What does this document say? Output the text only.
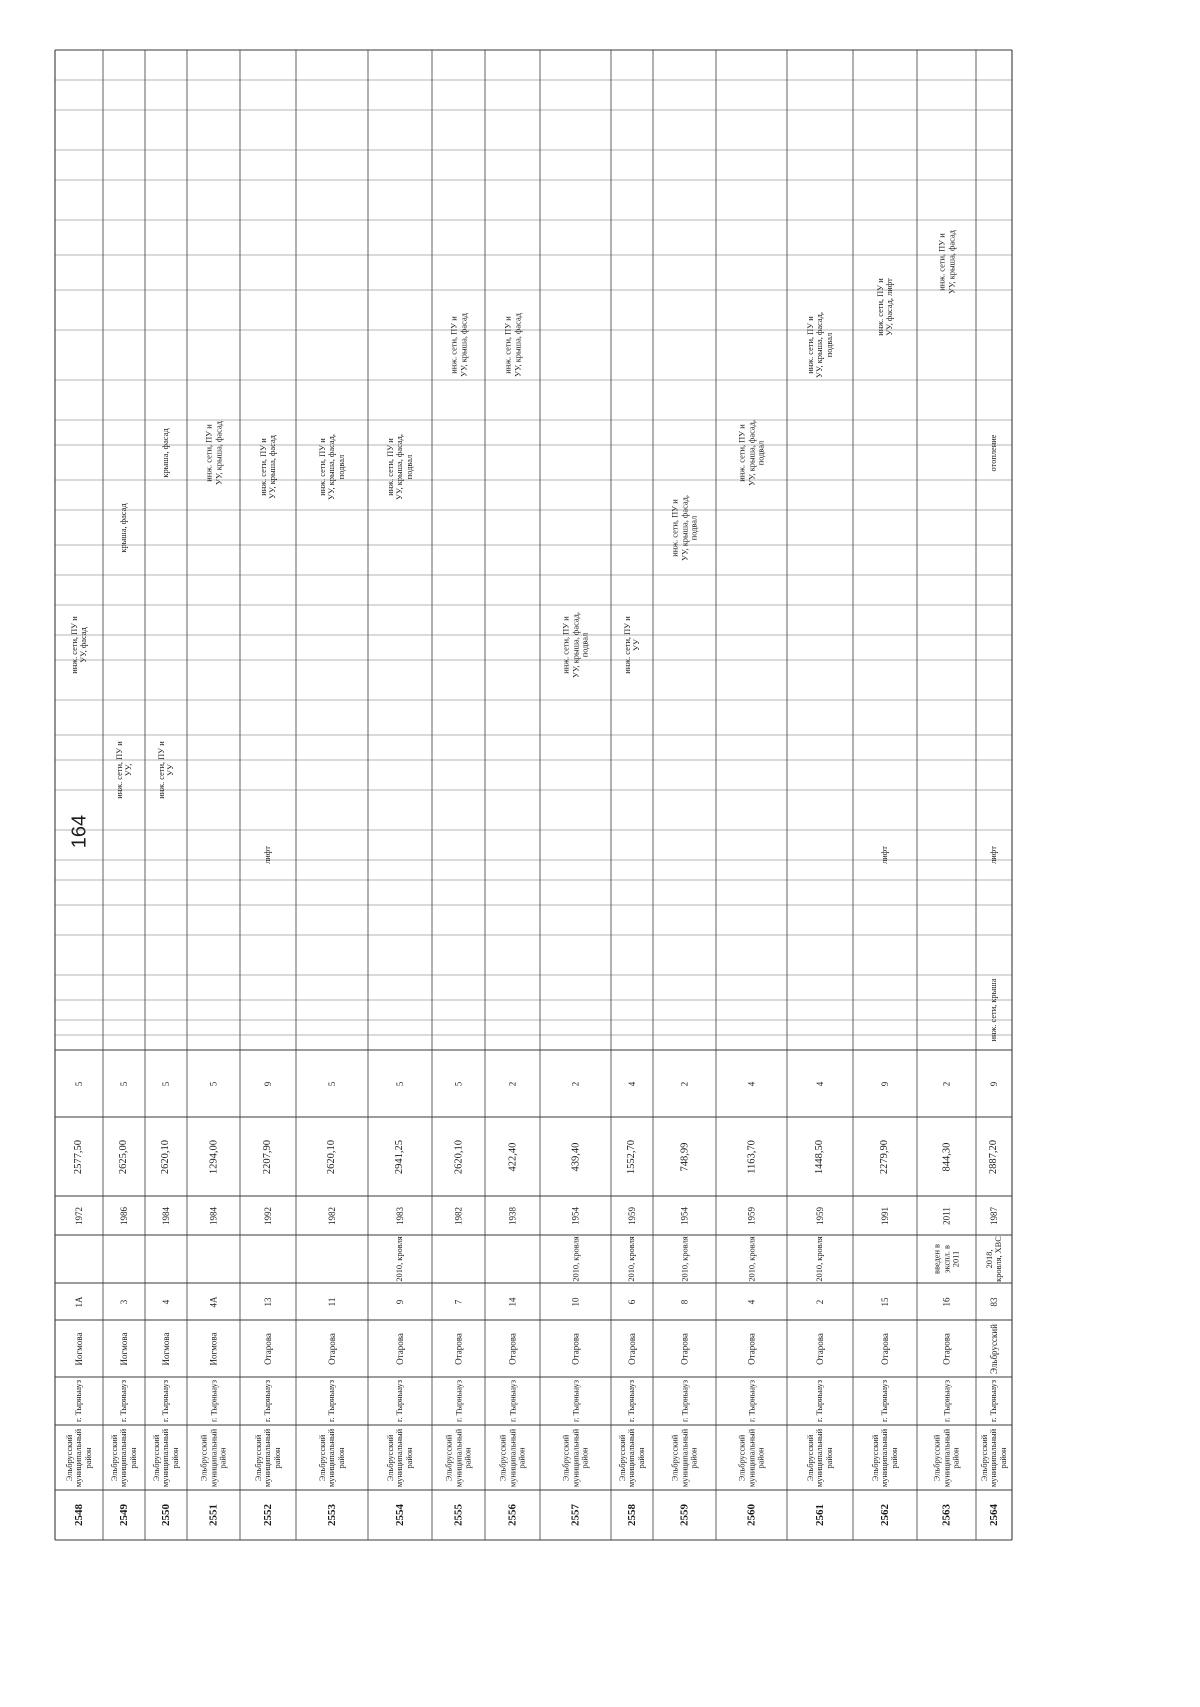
164
2548
Эльбрусский муниципальный район
г. Тырныауз
Иогмова
1А
1972
2577,50
5
инж. сети, ПУ и УУ, фасад
2549
Эльбрусский муниципальный район
г. Тырныауз
Иогмова
3
1986
2625,00
5
инж. сети, ПУ и УУ,
крыша, фасад
2550
Эльбрусский муниципальный район
г. Тырныауз
Иогмова
4
1984
2620,10
5
инж. сети, ПУ и УУ
крыша, фасад
2551
Эльбрусский муниципальный район
г. Тырныауз
Иогмова
4А
1984
1294,00
5
инж. сети, ПУ и УУ, крыша, фасад
2552
Эльбрусский муниципальный район
г. Тырныауз
Отарова
13
1992
2207,90
9
лифт
инж. сети, ПУ и УУ, крыша, фасад
2553
Эльбрусский муниципальный район
г. Тырныауз
Отарова
11
1982
2620,10
5
инж. сети, ПУ и УУ, крыша, фасад, подвал
2554
Эльбрусский муниципальный район
г. Тырныауз
Отарова
9
2010, кровля
1983
2941,25
5
инж. сети, ПУ и УУ, крыша, фасад, подвал
2555
Эльбрусский муниципальный район
г. Тырныауз
Отарова
7
1982
2620,10
5
инж. сети, ПУ и УУ, крыша, фасад
2556
Эльбрусский муниципальный район
г. Тырныауз
Отарова
14
1938
422,40
2
инж. сети, ПУ и УУ, крыша, фасад
2557
Эльбрусский муниципальный район
г. Тырныауз
Отарова
10
2010, кровля
1954
439,40
2
инж. сети, ПУ и УУ, крыша, фасад, подвал
2558
Эльбрусский муниципальный район
г. Тырныауз
Отарова
6
2010, кровля
1959
1552,70
4
инж. сети, ПУ и УУ
2559
Эльбрусский муниципальный район
г. Тырныауз
Отарова
8
2010, кровля
1954
748,99
2
инж. сети, ПУ и УУ, крыша, фасад, подвал
2560
Эльбрусский муниципальный район
г. Тырныауз
Отарова
4
2010, кровля
1959
1163,70
4
инж. сети, ПУ и УУ, крыша, фасад, подвал
2561
Эльбрусский муниципальный район
г. Тырныауз
Отарова
2
2010, кровля
1959
1448,50
4
инж. сети, ПУ и УУ, крыша, фасад, подвал
2562
Эльбрусский муниципальный район
г. Тырныауз
Отарова
15
1991
2279,90
9
лифт
инж. сети, ПУ и УУ, фасад, лифт
2563
Эльбрусский муниципальный район
г. Тырныауз
Отарова
16
введен в экспл. в 2011
2011
844,30
2
инж. сети, ПУ и УУ, крыша, фасад
2564
Эльбрусский муниципальный район
г. Тырныауз
Эльбрусский
83
2018, кровля, ХВС
1987
2887,20
9
инж. сети, крыша
лифт
отопление
